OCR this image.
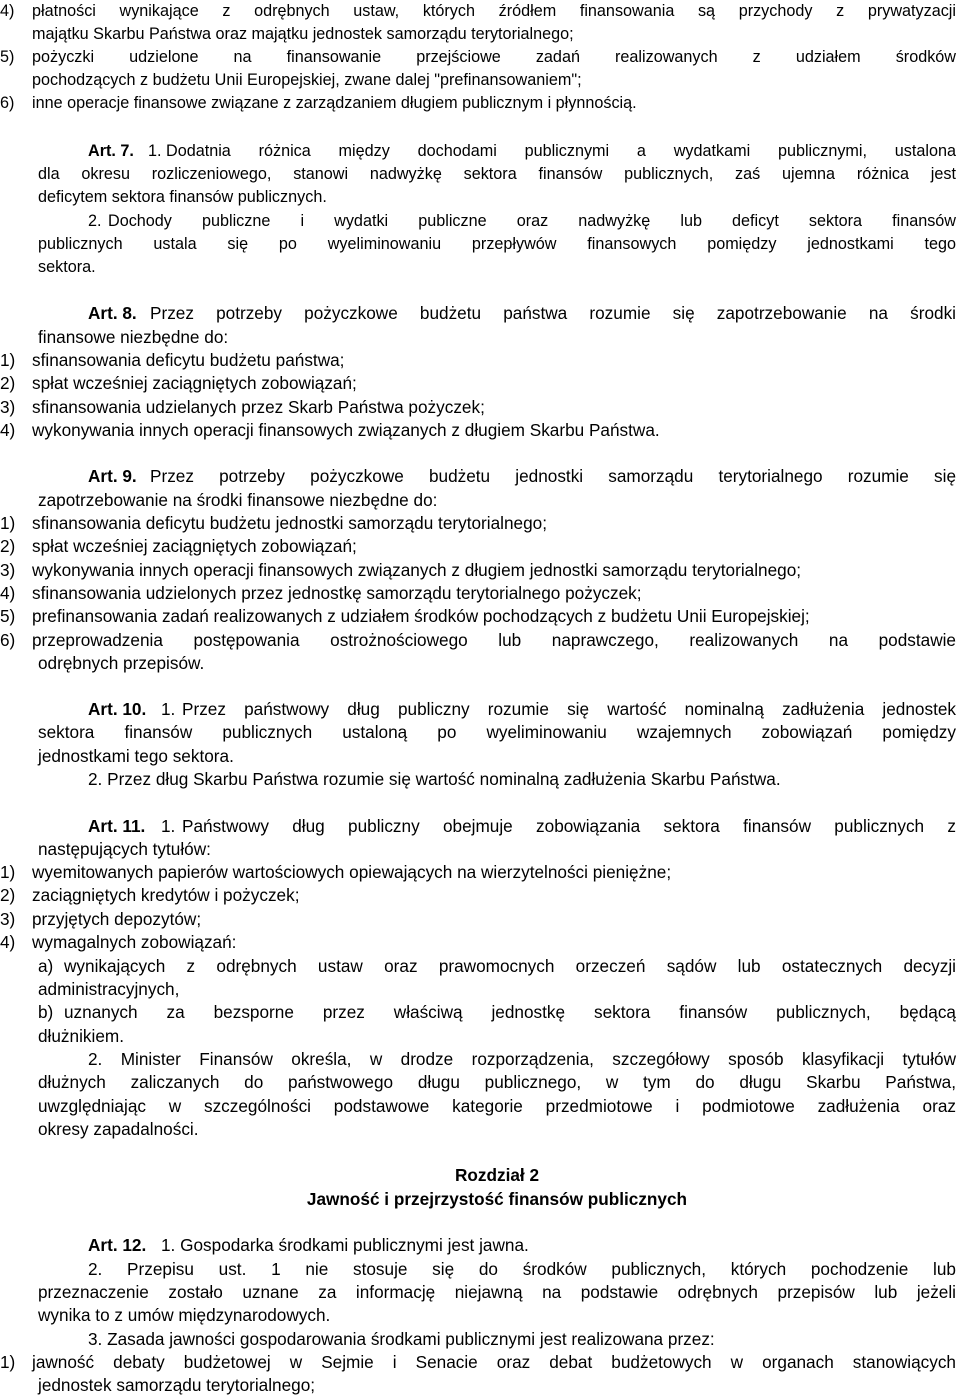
4)	płatności wynikające z odrębnych ustaw, których źródłem finansowania są przychody z prywatyzacji
majątku Skarbu Państwa oraz majątku jednostek samorządu terytorialnego;
5)	pożyczki udzielone na finansowanie przejściowe zadań realizowanych z udziałem środków
pochodzących z budżetu Unii Europejskiej, zwane dalej "prefinansowaniem";
6)	inne operacje finansowe związane z zarządzaniem długiem publicznym i płynnością.
Art. 7. 1. Dodatnia różnica między dochodami publicznymi a wydatkami publicznymi, ustalona
dla okresu rozliczeniowego, stanowi nadwyżkę sektora finansów publicznych, zaś ujemna różnica jest
deficytem sektora finansów publicznych.
2. Dochody publiczne i wydatki publiczne oraz nadwyżkę lub deficyt sektora finansów
publicznych ustala się po wyeliminowaniu przepływów finansowych pomiędzy jednostkami tego
sektora.
Art. 8. Przez potrzeby pożyczkowe budżetu państwa rozumie się zapotrzebowanie na środki
finansowe niezbędne do:
1) sfinansowania deficytu budżetu państwa;
2) spłat wcześniej zaciągniętych zobowiązań;
3) sfinansowania udzielanych przez Skarb Państwa pożyczek;
4) wykonywania innych operacji finansowych związanych z długiem Skarbu Państwa.
Art. 9. Przez potrzeby pożyczkowe budżetu jednostki samorządu terytorialnego rozumie się
zapotrzebowanie na środki finansowe niezbędne do:
1) sfinansowania deficytu budżetu jednostki samorządu terytorialnego;
2) spłat wcześniej zaciągniętych zobowiązań;
3) wykonywania innych operacji finansowych związanych z długiem jednostki samorządu terytorialnego;
4) sfinansowania udzielonych przez jednostkę samorządu terytorialnego pożyczek;
5) prefinansowania zadań realizowanych z udziałem środków pochodzących z budżetu Unii Europejskiej;
6) przeprowadzenia postępowania ostrożnościowego lub naprawczego, realizowanych na podstawie
odrębnych przepisów.
Art. 10. 1. Przez państwowy dług publiczny rozumie się wartość nominalną zadłużenia jednostek
sektora finansów publicznych ustaloną po wyeliminowaniu wzajemnych zobowiązań pomiędzy
jednostkami tego sektora.
2. Przez dług Skarbu Państwa rozumie się wartość nominalną zadłużenia Skarbu Państwa.
Art. 11. 1. Państwowy dług publiczny obejmuje zobowiązania sektora finansów publicznych z
następujących tytułów:
1) wyemitowanych papierów wartościowych opiewających na wierzytelności pieniężne;
2) zaciągniętych kredytów i pożyczek;
3) przyjętych depozytów;
4) wymagalnych zobowiązań:
a) wynikających z odrębnych ustaw oraz prawomocnych orzeczeń sądów lub ostatecznych decyzji
administracyjnych,
b) uznanych za bezsporne przez właściwą jednostkę sektora finansów publicznych, będącą
dłużnikiem.
2. Minister Finansów określa, w drodze rozporządzenia, szczegółowy sposób klasyfikacji tytułów
dłużnych zaliczanych do państwowego długu publicznego, w tym do długu Skarbu Państwa,
uwzględniając w szczególności podstawowe kategorie przedmiotowe i podmiotowe zadłużenia oraz
okresy zapadalności.
Rozdział 2
Jawność i przejrzystość finansów publicznych
Art. 12. 1. Gospodarka środkami publicznymi jest jawna.
2. Przepisu ust. 1 nie stosuje się do środków publicznych, których pochodzenie lub
przeznaczenie zostało uznane za informację niejawną na podstawie odrębnych przepisów lub jeżeli
wynika to z umów międzynarodowych.
3. Zasada jawności gospodarowania środkami publicznymi jest realizowana przez:
1) jawność debaty budżetowej w Sejmie i Senacie oraz debat budżetowych w organach stanowiących
jednostek samorządu terytorialnego;
